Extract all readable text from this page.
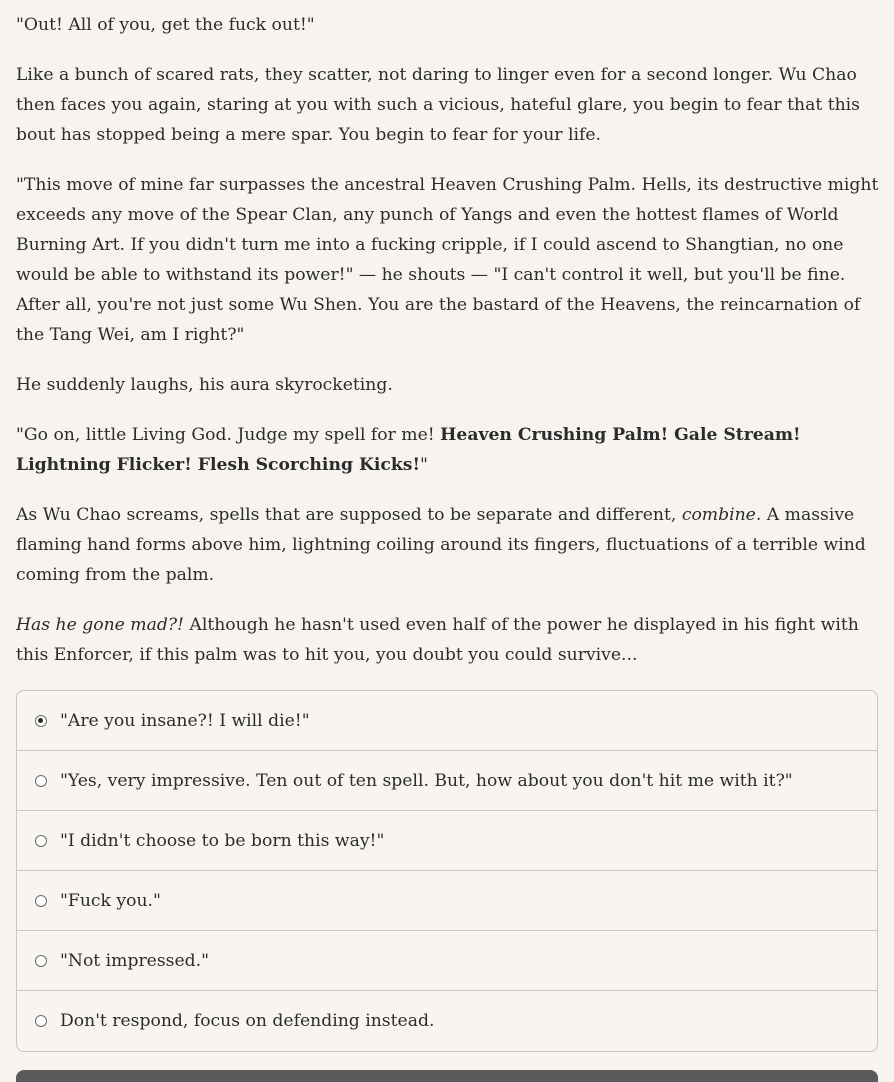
"Out! All of you, get the fuck out!"

Like a bunch of scared rats, they scatter, not daring to linger even for a second longer. Wu Chao then faces you again, staring at you with such a vicious, hateful glare, you begin to fear that this bout has stopped being a mere spar. You begin to fear for your life.

"This move of mine far surpasses the ancestral Heaven Crushing Palm. Hells, its destructive might exceeds any move of the Spear Clan, any punch of Yangs and even the hottest flames of World Burning Art. If you didn't turn me into a fucking cripple, if I could ascend to Shangtian, no one would be able to withstand its power!" — he shouts — "I can't control it well, but you'll be fine. After all, you're not just some Wu Shen. You are the bastard of the Heavens, the reincarnation of the Tang Wei, am I right?"

He suddenly laughs, his aura skyrocketing.

"Go on, little Living God. Judge my spell for me! Heaven Crushing Palm! Gale Stream! Lightning Flicker! Flesh Scorching Kicks!"

As Wu Chao screams, spells that are supposed to be separate and different, combine. A massive flaming hand forms above him, lightning coiling around its fingers, fluctuations of a terrible wind coming from the palm.

Has he gone mad?! Although he hasn't used even half of the power he displayed in his fight with this Enforcer, if this palm was to hit you, you doubt you could survive...

"Are you insane?! I will die!"
"Yes, very impressive. Ten out of ten spell. But, how about you don't hit me with it?"
"I didn't choose to be born this way!"
"Fuck you."
"Not impressed."
Don't respond, focus on defending instead.
